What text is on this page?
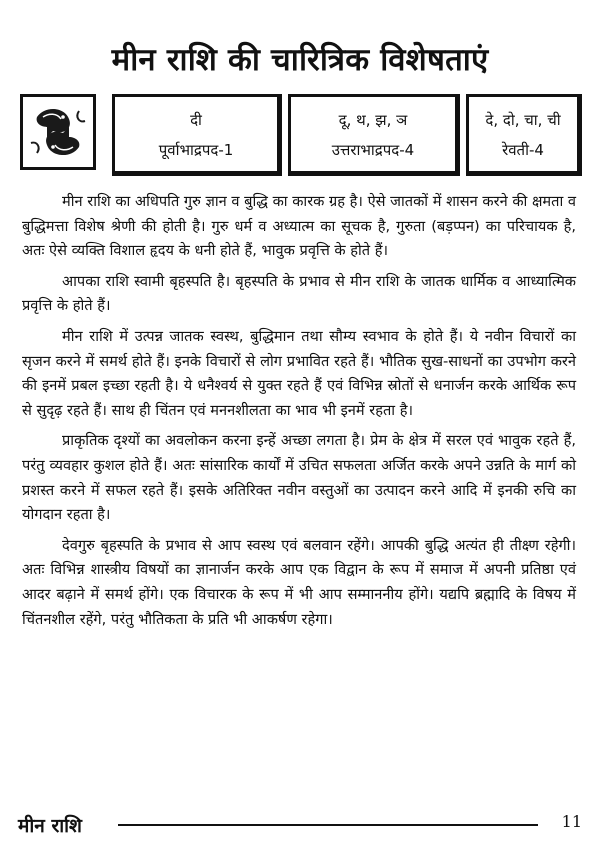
मीन राशि की चारित्रिक विशेषताएं
दी
पूर्वाभाद्रपद-1
दू, थ, झ, ञ
उत्तराभाद्रपद-4
दे, दो, चा, ची
रेवती-4

मीन राशि का अधिपति गुरु ज्ञान व बुद्धि का कारक ग्रह है। ऐसे जातकों में शासन करने की क्षमता व बुद्धिमत्ता विशेष श्रेणी की होती है। गुरु धर्म व अध्यात्म का सूचक है, गुरुता (बड़प्पन) का परिचायक है, अतः ऐसे व्यक्ति विशाल हृदय के धनी होते हैं, भावुक प्रवृत्ति के होते हैं।

आपका राशि स्वामी बृहस्पति है। बृहस्पति के प्रभाव से मीन राशि के जातक धार्मिक व आध्यात्मिक प्रवृत्ति के होते हैं।

मीन राशि में उत्पन्न जातक स्वस्थ, बुद्धिमान तथा सौम्य स्वभाव के होते हैं। ये नवीन विचारों का सृजन करने में समर्थ होते हैं। इनके विचारों से लोग प्रभावित रहते हैं। भौतिक सुख-साधनों का उपभोग करने की इनमें प्रबल इच्छा रहती है। ये धनैश्वर्य से युक्त रहते हैं एवं विभिन्न स्रोतों से धनार्जन करके आर्थिक रूप से सुदृढ़ रहते हैं। साथ ही चिंतन एवं मननशीलता का भाव भी इनमें रहता है।

प्राकृतिक दृश्यों का अवलोकन करना इन्हें अच्छा लगता है। प्रेम के क्षेत्र में सरल एवं भावुक रहते हैं, परंतु व्यवहार कुशल होते हैं। अतः सांसारिक कार्यों में उचित सफलता अर्जित करके अपने उन्नति के मार्ग को प्रशस्त करने में सफल रहते हैं। इसके अतिरिक्त नवीन वस्तुओं का उत्पादन करने आदि में इनकी रुचि का योगदान रहता है।

देवगुरु बृहस्पति के प्रभाव से आप स्वस्थ एवं बलवान रहेंगे। आपकी बुद्धि अत्यंत ही तीक्ष्ण रहेगी। अतः विभिन्न शास्त्रीय विषयों का ज्ञानार्जन करके आप एक विद्वान के रूप में समाज में अपनी प्रतिष्ठा एवं आदर बढ़ाने में समर्थ होंगे। एक विचारक के रूप में भी आप सम्माननीय होंगे। यद्यपि ब्रह्मादि के विषय में चिंतनशील रहेंगे, परंतु भौतिकता के प्रति भी आकर्षण रहेगा।

मीन राशि	11
